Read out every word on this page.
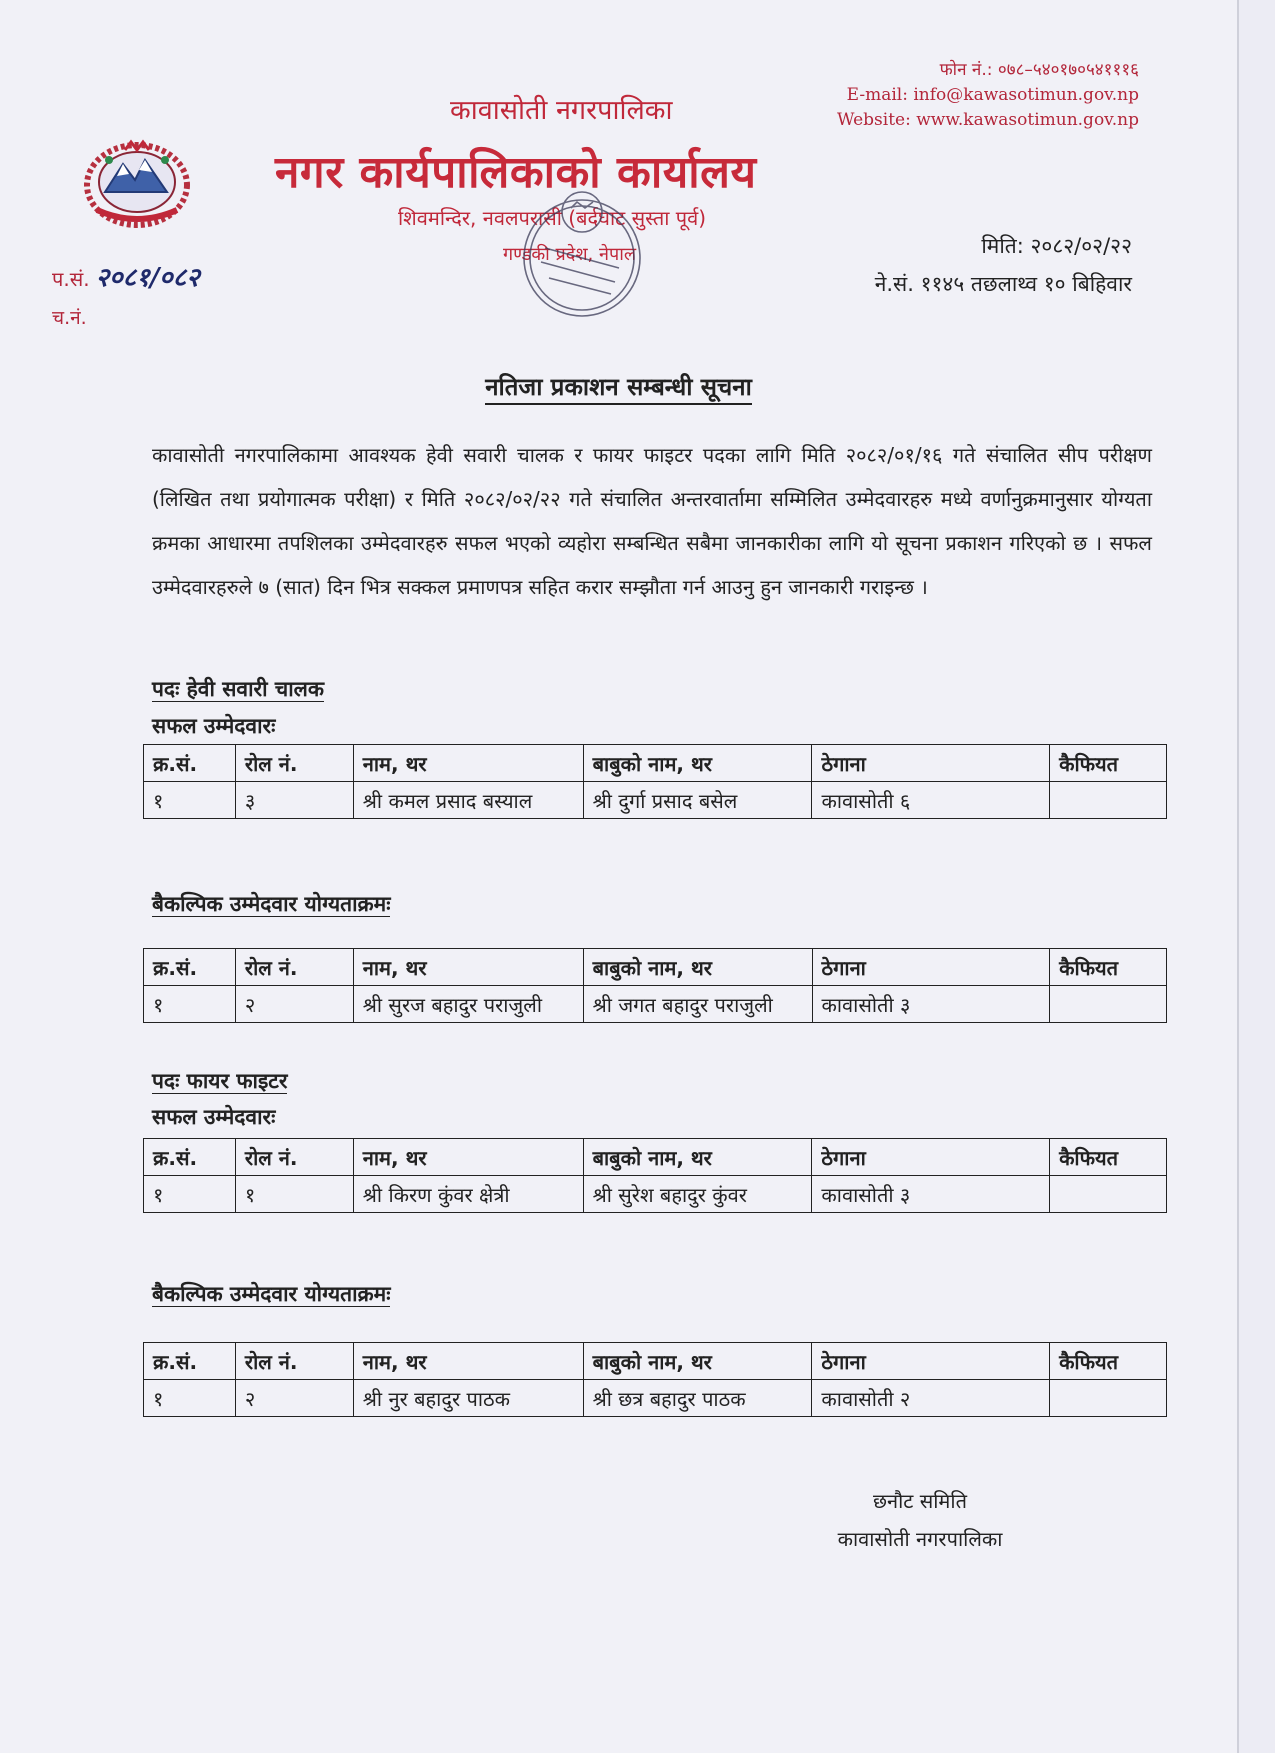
फोन नं.: ०७८–५४०१७०५४१११६
E-mail: info@kawasotimun.gov.np
Website: www.kawasotimun.gov.np
कावासोती नगरपालिका
नगर कार्यपालिकाको कार्यालय
शिवमन्दिर, नवलपरासी (बर्दघाट सुस्ता पूर्व)
गण्डकी प्रदेश, नेपाल
प.सं. २०८१/०८२
च.नं.
मिति: २०८२/०२/२२
ने.सं. ११४५ तछलाथ्व १० बिहिवार
नतिजा प्रकाशन सम्बन्धी सूचना
कावासोती नगरपालिकामा आवश्यक हेवी सवारी चालक र फायर फाइटर पदका लागि मिति २०८२/०१/१६ गते संचालित सीप परीक्षण (लिखित तथा प्रयोगात्मक परीक्षा) र मिति २०८२/०२/२२ गते संचालित अन्तरवार्तामा सम्मिलित उम्मेदवारहरु मध्ये वर्णानुक्रमानुसार योग्यता क्रमका आधारमा तपशिलका उम्मेदवारहरु सफल भएको व्यहोरा सम्बन्धित सबैमा जानकारीका लागि यो सूचना प्रकाशन गरिएको छ । सफल उम्मेदवारहरुले ७ (सात) दिन भित्र सक्कल प्रमाणपत्र सहित करार सम्झौता गर्न आउनु हुन जानकारी गराइन्छ ।
पदः हेवी सवारी चालक
सफल उम्मेदवारः
क्र.सं.	रोल नं.	नाम, थर	बाबुको नाम, थर	ठेगाना	कैफियत
१	३	श्री कमल प्रसाद बस्याल	श्री दुर्गा प्रसाद बसेल	कावासोती ६	
बैकल्पिक उम्मेदवार योग्यताक्रमः
क्र.सं.	रोल नं.	नाम, थर	बाबुको नाम, थर	ठेगाना	कैफियत
१	२	श्री सुरज बहादुर पराजुली	श्री जगत बहादुर पराजुली	कावासोती ३	
पदः फायर फाइटर
सफल उम्मेदवारः
क्र.सं.	रोल नं.	नाम, थर	बाबुको नाम, थर	ठेगाना	कैफियत
१	१	श्री किरण कुंवर क्षेत्री	श्री सुरेश बहादुर कुंवर	कावासोती ३	
बैकल्पिक उम्मेदवार योग्यताक्रमः
क्र.सं.	रोल नं.	नाम, थर	बाबुको नाम, थर	ठेगाना	कैफियत
१	२	श्री नुर बहादुर पाठक	श्री छत्र बहादुर पाठक	कावासोती २	
छनौट समिति
कावासोती नगरपालिका
